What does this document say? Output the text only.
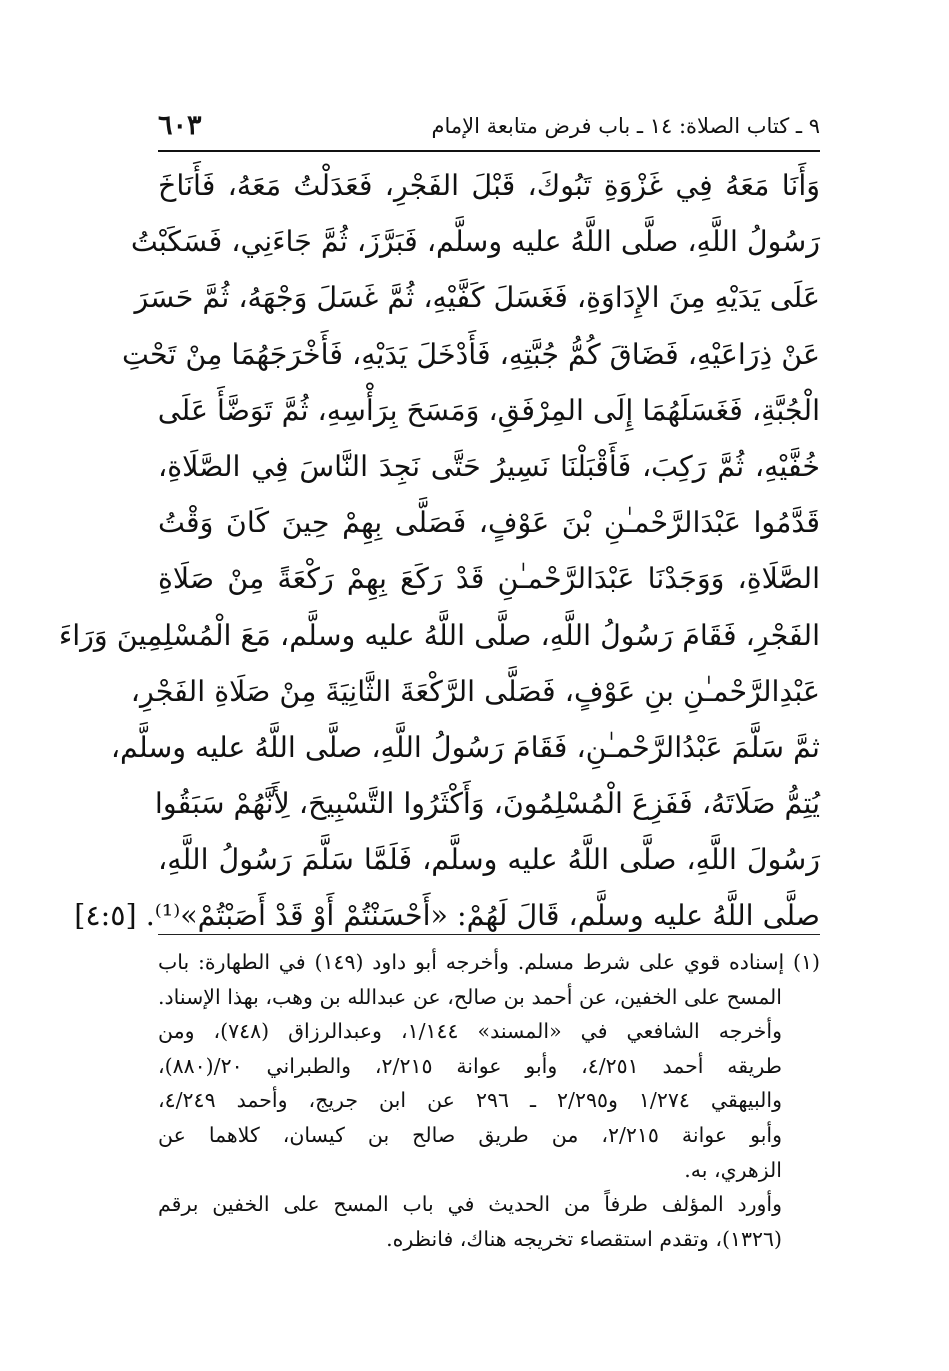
٩ ـ كتاب الصلاة: ١٤ ـ باب فرض متابعة الإمام
٦٠٣
وَأَنَا مَعَهُ فِي غَزْوَةِ تَبُوكَ، قَبْلَ الفَجْرِ، فَعَدَلْتُ مَعَهُ، فَأَنَاخَ
رَسُولُ اللَّهِ، صلَّى اللَّهُ عليه وسلَّم، فَبَرَّزَ، ثُمَّ جَاءَنِي، فَسَكَبْتُ
عَلَى يَدَيْهِ مِنَ الإِدَاوَةِ، فَغَسَلَ كَفَّيْهِ، ثُمَّ غَسَلَ وَجْهَهُ، ثُمَّ حَسَرَ
عَنْ ذِرَاعَيْهِ، فَضَاقَ كُمُّ جُبَّتِهِ، فَأَدْخَلَ يَدَيْهِ، فَأَخْرَجَهُمَا مِنْ تَحْتِ
الْجُبَّةِ، فَغَسَلَهُمَا إِلَى المِرْفَقِ، وَمَسَحَ بِرَأْسِهِ، ثُمَّ تَوَضَّأَ عَلَى
خُفَّيْهِ، ثُمَّ رَكِبَ، فَأَقْبَلْنَا نَسِيرُ حَتَّى نَجِدَ النَّاسَ فِي الصَّلَاةِ،
قَدَّمُوا عَبْدَالرَّحْمـٰنِ بْنَ عَوْفٍ، فَصَلَّى بِهِمْ حِينَ كَانَ وَقْتُ
الصَّلَاةِ، وَوَجَدْنَا عَبْدَالرَّحْمـٰنِ قَدْ رَكَعَ بِهِمْ رَكْعَةً مِنْ صَلَاةِ
الفَجْرِ، فَقَامَ رَسُولُ اللَّهِ، صلَّى اللَّهُ عليه وسلَّم، مَعَ الْمُسْلِمِينَ وَرَاءَ
عَبْدِالرَّحْمـٰنِ بنِ عَوْفٍ، فَصَلَّى الرَّكْعَةَ الثَّانِيَةَ مِنْ صَلَاةِ الفَجْرِ،
ثمَّ سَلَّمَ عَبْدُالرَّحْمـٰنِ، فَقَامَ رَسُولُ اللَّهِ، صلَّى اللَّهُ عليه وسلَّم،
يُتِمُّ صَلَاتَهُ، فَفَزِعَ الْمُسْلِمُونَ، وَأَكْثَرُوا التَّسْبِيحَ، لِأَنَّهُمْ سَبَقُوا
رَسُولَ اللَّهِ، صلَّى اللَّهُ عليه وسلَّم، فَلَمَّا سَلَّمَ رَسُولُ اللَّهِ،
صلَّى اللَّهُ عليه وسلَّم، قَالَ لَهُمْ: «أَحْسَنْتُمْ أَوْ قَدْ أَصَبْتُمْ»⁽¹⁾. [٤:٥]
(١) إسناده قوي على شرط مسلم. وأخرجه أبو داود (١٤٩) في الطهارة: باب
المسح على الخفين، عن أحمد بن صالح، عن عبدالله بن وهب، بهذا الإسناد.
وأخرجه الشافعي في «المسند» ١/١٤٤، وعبدالرزاق (٧٤٨)، ومن
طريقه أحمد ٤/٢٥١، وأبو عوانة ٢/٢١٥، والطبراني ٢٠/(٨٨٠)،
والبيهقي ١/٢٧٤ و٢/٢٩٥ ـ ٢٩٦ عن ابن جريج، وأحمد ٤/٢٤٩،
وأبو عوانة ٢/٢١٥، من طريق صالح بن كيسان، كلاهما عن
الزهري، به.
وأورد المؤلف طرفاً من الحديث في باب المسح على الخفين برقم
(١٣٢٦)، وتقدم استقصاء تخريجه هناك، فانظره.
